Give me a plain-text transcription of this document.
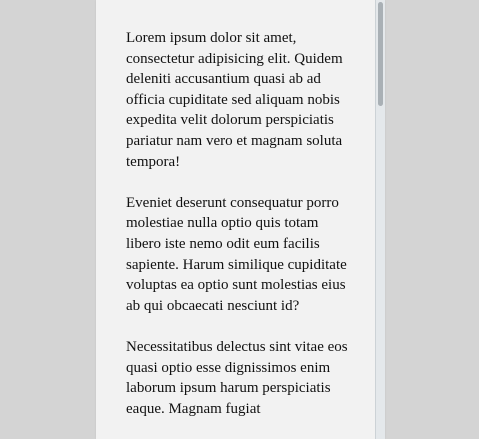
Lorem ipsum dolor sit amet, consectetur adipisicing elit. Quidem deleniti accusantium quasi ab ad officia cupiditate sed aliquam nobis expedita velit dolorum perspiciatis pariatur nam vero et magnam soluta tempora!

Eveniet deserunt consequatur porro molestiae nulla optio quis totam libero iste nemo odit eum facilis sapiente. Harum similique cupiditate voluptas ea optio sunt molestias eius ab qui obcaecati nesciunt id?

Necessitatibus delectus sint vitae eos quasi optio esse dignissimos enim laborum ipsum harum perspiciatis eaque. Magnam fugiat
